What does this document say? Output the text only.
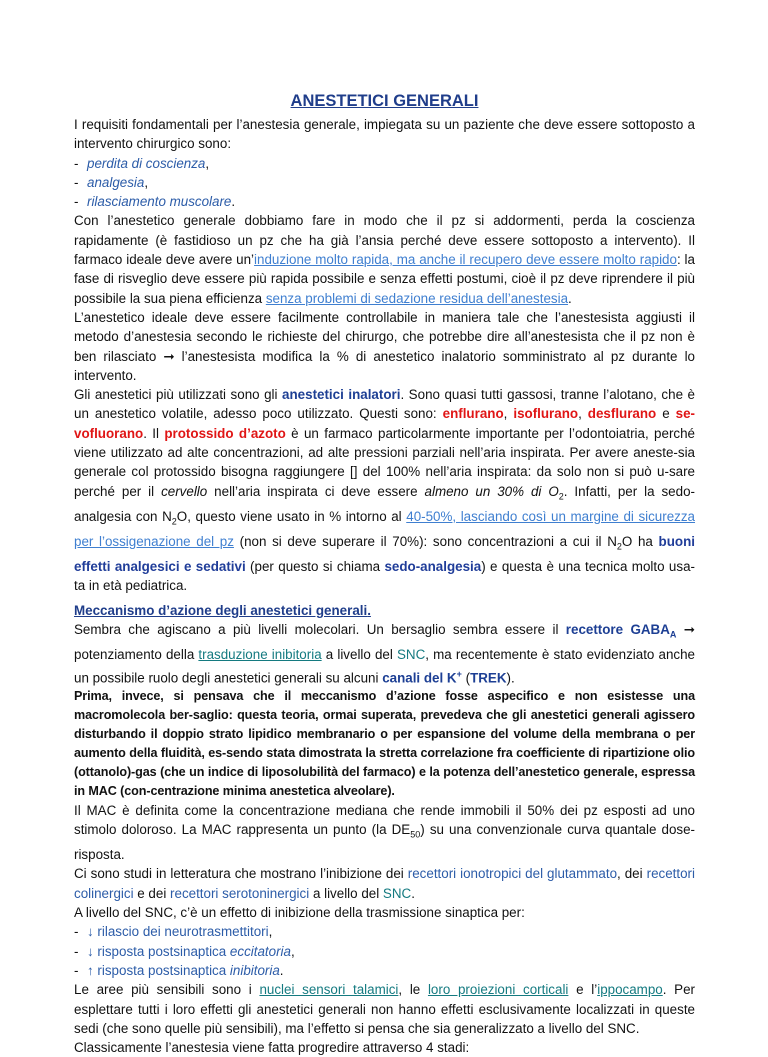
ANESTETICI GENERALI

I requisiti fondamentali per l’anestesia generale, impiegata su un paziente che deve essere sottoposto a intervento chirurgico sono:

- perdita di coscienza,
- analgesia,
- rilasciamento muscolare.

Con l’anestetico generale dobbiamo fare in modo che il pz si addormenti, perda la coscienza rapidamente (è fastidioso un pz che ha già l’ansia perché deve essere sottoposto a intervento). Il farmaco ideale deve avere un’induzione molto rapida, ma anche il recupero deve essere molto rapido: la fase di risveglio deve essere più rapida possibile e senza effetti postumi, cioè il pz deve riprendere il più possibile la sua piena efficienza senza problemi di sedazione residua dell’anestesia.

L’anestetico ideale deve essere facilmente controllabile in maniera tale che l’anestesista aggiusti il metodo d’anestesia secondo le richieste del chirurgo, che potrebbe dire all’anestesista che il pz non è ben rilasciato ➞ l’anestesista modifica la % di anestetico inalatorio somministrato al pz durante lo intervento.

Gli anestetici più utilizzati sono gli anestetici inalatori. Sono quasi tutti gassosi, tranne l’alotano, che è un anestetico volatile, adesso poco utilizzato. Questi sono: enflurano, isoflurano, desflurano e se-vofluorano. Il protossido d’azoto è un farmaco particolarmente importante per l’odontoiatria, perché viene utilizzato ad alte concentrazioni, ad alte pressioni parziali nell’aria inspirata. Per avere aneste-sia generale col protossido bisogna raggiungere [] del 100% nell’aria inspirata: da solo non si può u-sare perché per il cervello nell’aria inspirata ci deve essere almeno un 30% di $O_2$. Infatti, per la sedo-analgesia con $N_2O$, questo viene usato in % intorno al 40-50%, lasciando così un margine di sicurezza per l’ossigenazione del pz (non si deve superare il 70%): sono concentrazioni a cui il $N_2O$ ha buoni effetti analgesici e sedativi (per questo si chiama sedo-analgesia) e questa è una tecnica molto usa-ta in età pediatrica.

Meccanismo d’azione degli anestetici generali.

Sembra che agiscano a più livelli molecolari. Un bersaglio sembra essere il recettore $GABA_A$ ➞ potenziamento della trasduzione inibitoria a livello del SNC, ma recentemente è stato evidenziato anche un possibile ruolo degli anestetici generali su alcuni canali del K+ (TREK).

Prima, invece, si pensava che il meccanismo d’azione fosse aspecifico e non esistesse una macromolecola ber-saglio: questa teoria, ormai superata, prevedeva che gli anestetici generali agissero disturbando il doppio strato lipidico membranario o per espansione del volume della membrana o per aumento della fluidità, es-sendo stata dimostrata la stretta correlazione fra coefficiente di ripartizione olio (ottanolo)-gas (che un indice di liposolubilità del farmaco) e la potenza dell’anestetico generale, espressa in MAC (con-centrazione minima anestetica alveolare).

Il MAC è definita come la concentrazione mediana che rende immobili il 50% dei pz esposti ad uno stimolo doloroso. La MAC rappresenta un punto (la $DE_{50}$) su una convenzionale curva quantale dose-risposta.

Ci sono studi in letteratura che mostrano l’inibizione dei recettori ionotropici del glutammato, dei recettori colinergici e dei recettori serotoninergici a livello del SNC.

A livello del SNC, c’è un effetto di inibizione della trasmissione sinaptica per:

- ↓ rilascio dei neurotrasmettitori,
- ↓ risposta postsinaptica eccitatoria,
- ↑ risposta postsinaptica inibitoria.

Le aree più sensibili sono i nuclei sensori talamici, le loro proiezioni corticali e l’ippocampo. Per esplettare tutti i loro effetti gli anestetici generali non hanno effetti esclusivamente localizzati in queste sedi (che sono quelle più sensibili), ma l’effetto si pensa che sia generalizzato a livello del SNC.

Classicamente l’anestesia viene fatta progredire attraverso 4 stadi:
